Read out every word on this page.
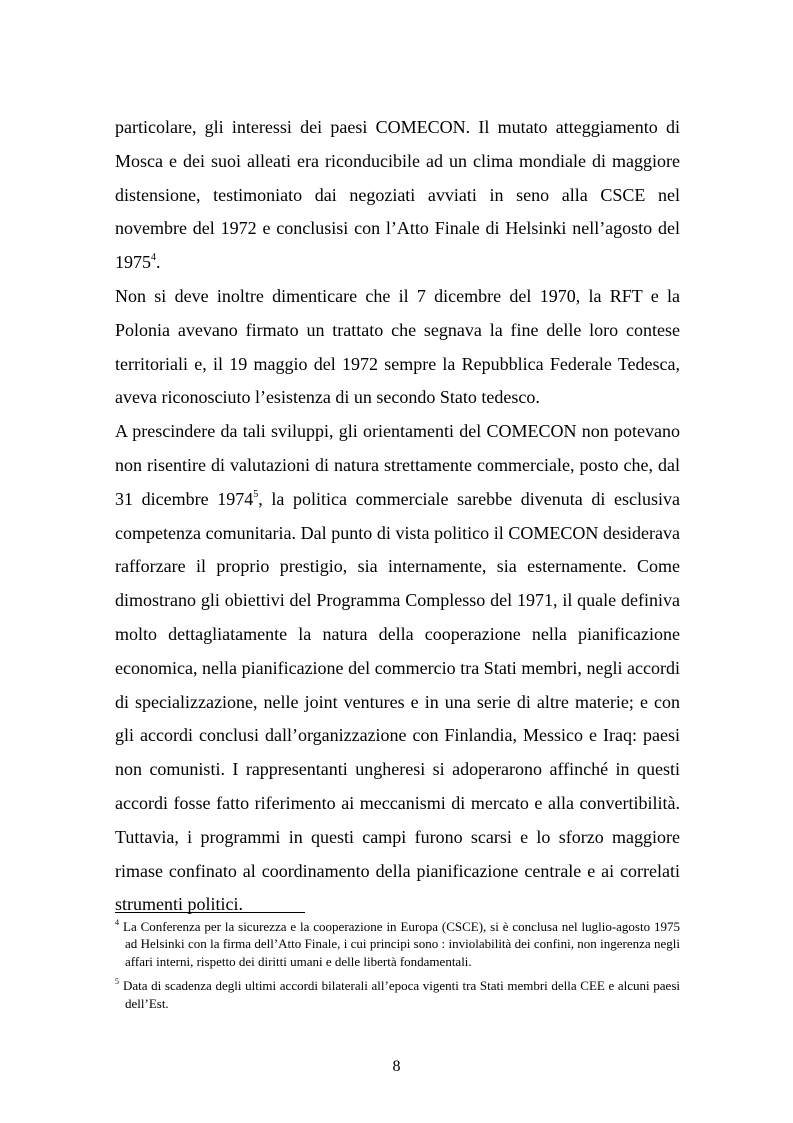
particolare, gli interessi dei paesi COMECON. Il mutato atteggiamento di Mosca e dei suoi alleati era riconducibile ad un clima mondiale di maggiore distensione, testimoniato dai negoziati avviati in seno alla CSCE nel novembre del 1972 e conclusisi con l’Atto Finale di Helsinki nell’agosto del 1975$^4$.

Non si deve inoltre dimenticare che il 7 dicembre del 1970, la RFT e la Polonia avevano firmato un trattato che segnava la fine delle loro contese territoriali e, il 19 maggio del 1972 sempre la Repubblica Federale Tedesca, aveva riconosciuto l’esistenza di un secondo Stato tedesco.

A prescindere da tali sviluppi, gli orientamenti del COMECON non potevano non risentire di valutazioni di natura strettamente commerciale, posto che, dal 31 dicembre 1974$^5$, la politica commerciale sarebbe divenuta di esclusiva competenza comunitaria. Dal punto di vista politico il COMECON desiderava rafforzare il proprio prestigio, sia internamente, sia esternamente. Come dimostrano gli obiettivi del Programma Complesso del 1971, il quale definiva molto dettagliatamente la natura della cooperazione nella pianificazione economica, nella pianificazione del commercio tra Stati membri, negli accordi di specializzazione, nelle joint ventures e in una serie di altre materie; e con gli accordi conclusi dall’organizzazione con Finlandia, Messico e Iraq: paesi non comunisti. I rappresentanti ungheresi si adoperarono affinché in questi accordi fosse fatto riferimento ai meccanismi di mercato e alla convertibilità. Tuttavia, i programmi in questi campi furono scarsi e lo sforzo maggiore rimase confinato al coordinamento della pianificazione centrale e ai correlati strumenti politici.

$^4$ La Conferenza per la sicurezza e la cooperazione in Europa (CSCE), si è conclusa nel luglio-agosto 1975 ad Helsinki con la firma dell’Atto Finale, i cui principi sono : inviolabilità dei confini, non ingerenza negli affari interni, rispetto dei diritti umani e delle libertà fondamentali.

$^5$ Data di scadenza degli ultimi accordi bilaterali all’epoca vigenti tra Stati membri della CEE e alcuni paesi dell’Est.

8
